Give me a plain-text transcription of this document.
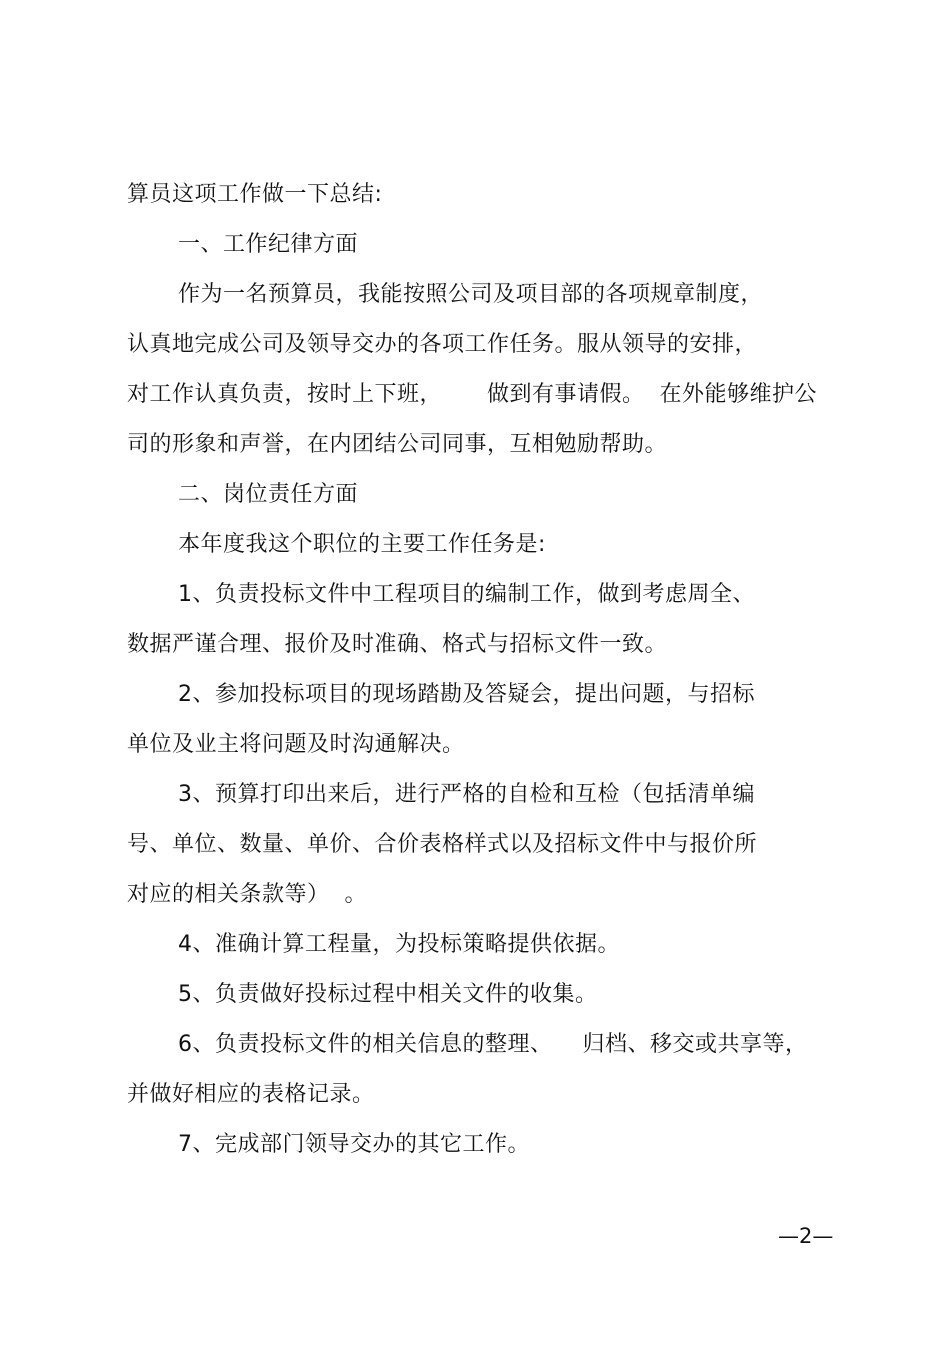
算员这项工作做一下总结:
一、工作纪律方面
作为一名预算员，我能按照公司及项目部的各项规章制度，
认真地完成公司及领导交办的各项工作任务。服从领导的安排，
对工作认真负责，按时上下班，      做到有事请假。  在外能够维护公
司的形象和声誉，在内团结公司同事，互相勉励帮助。
二、岗位责任方面
本年度我这个职位的主要工作任务是:
1、负责投标文件中工程项目的编制工作，做到考虑周全、
数据严谨合理、报价及时准确、格式与招标文件一致。
2、参加投标项目的现场踏勘及答疑会，提出问题，与招标
单位及业主将问题及时沟通解决。
3、预算打印出来后，进行严格的自检和互检（包括清单编
号、单位、数量、单价、合价表格样式以及招标文件中与报价所
对应的相关条款等）  。
4、准确计算工程量，为投标策略提供依据。
5、负责做好投标过程中相关文件的收集。
6、负责投标文件的相关信息的整理、    归档、移交或共享等，
并做好相应的表格记录。
7、完成部门领导交办的其它工作。
—2—
